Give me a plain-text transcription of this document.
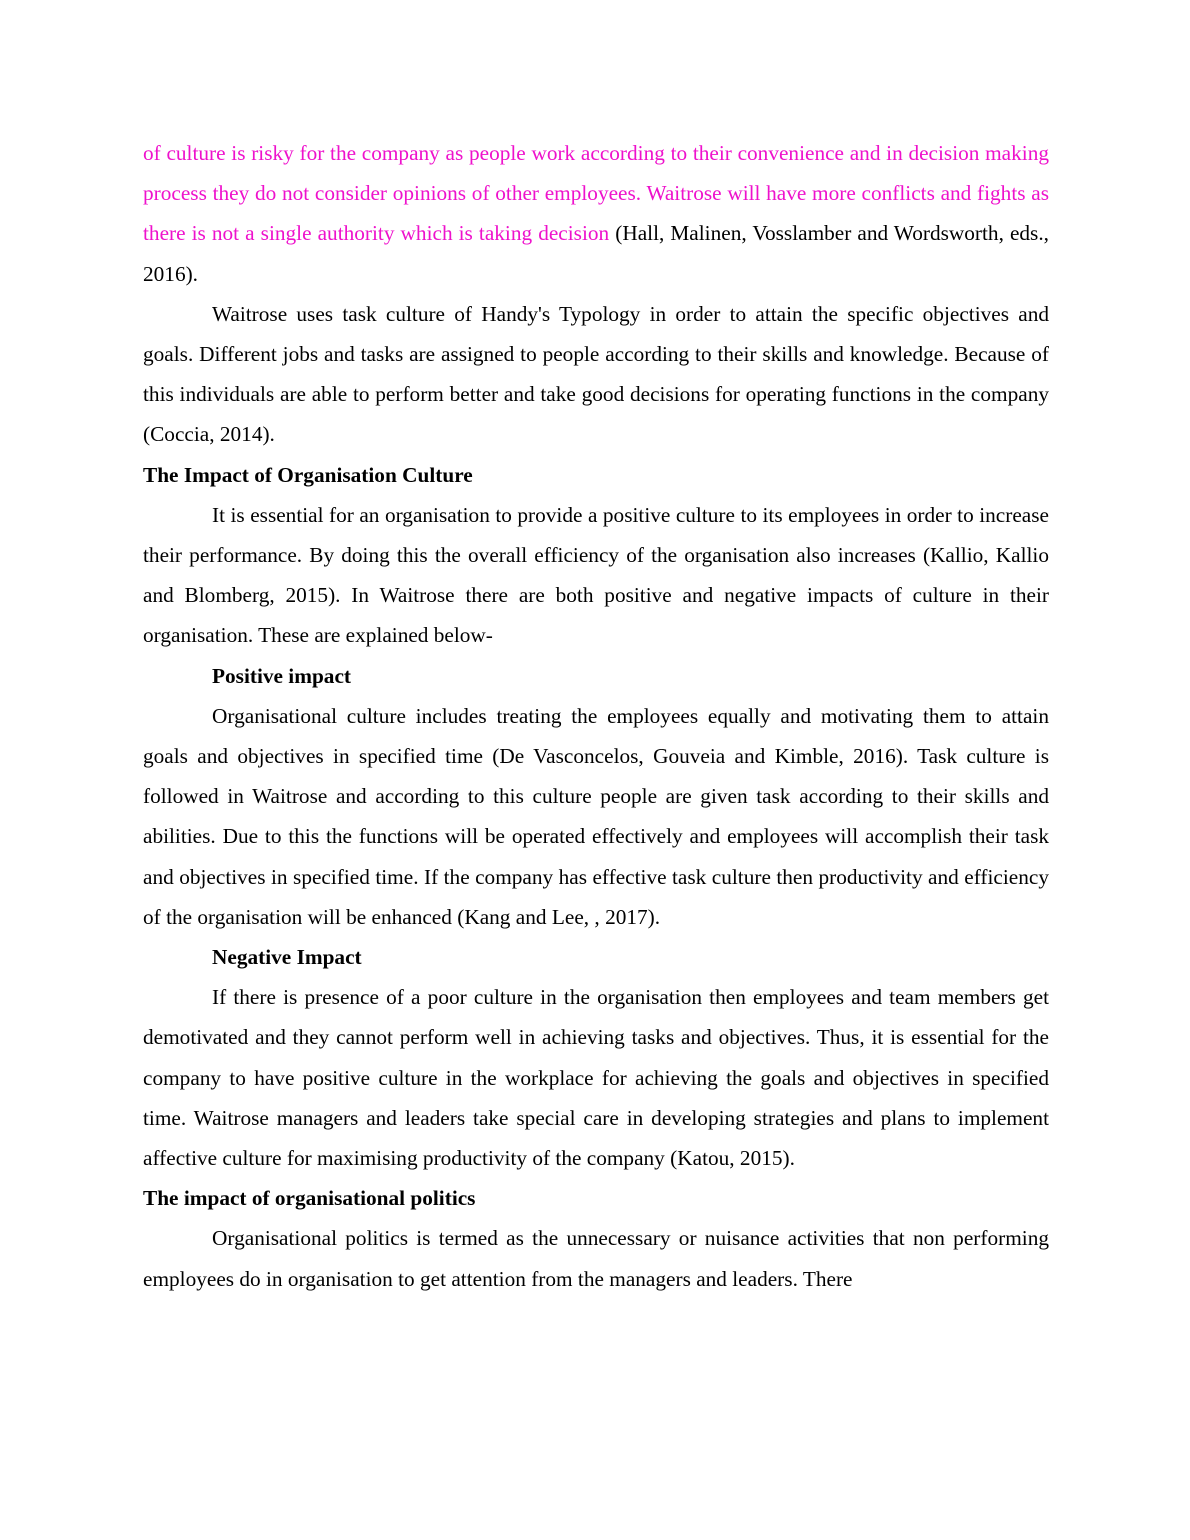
of culture is risky for the company as people work according to their convenience and in decision making process they do not consider opinions of other employees. Waitrose will have more conflicts and fights as there is not a single authority which is taking decision (Hall, Malinen, Vosslamber and Wordsworth, eds., 2016).

Waitrose uses task culture of Handy's Typology in order to attain the specific objectives and goals. Different jobs and tasks are assigned to people according to their skills and knowledge. Because of this individuals are able to perform better and take good decisions for operating functions in the company (Coccia, 2014).

The Impact of Organisation Culture

It is essential for an organisation to provide a positive culture to its employees in order to increase their performance. By doing this the overall efficiency of the organisation also increases (Kallio, Kallio and Blomberg, 2015). In Waitrose there are both positive and negative impacts of culture in their organisation. These are explained below-

Positive impact

Organisational culture includes treating the employees equally and motivating them to attain goals and objectives in specified time (De Vasconcelos, Gouveia and Kimble, 2016). Task culture is followed in Waitrose and according to this culture people are given task according to their skills and abilities. Due to this the functions will be operated effectively and employees will accomplish their task and objectives in specified time. If the company has effective task culture then productivity and efficiency of the organisation will be enhanced (Kang and Lee, , 2017).

Negative Impact

If there is presence of a poor culture in the organisation then employees and team members get demotivated and they cannot perform well in achieving tasks and objectives. Thus, it is essential for the company to have positive culture in the workplace for achieving the goals and objectives in specified time. Waitrose managers and leaders take special care in developing strategies and plans to implement affective culture for maximising productivity of the company (Katou, 2015).

The impact of organisational politics

Organisational politics is termed as the unnecessary or nuisance activities that non performing employees do in organisation to get attention from the managers and leaders. There
